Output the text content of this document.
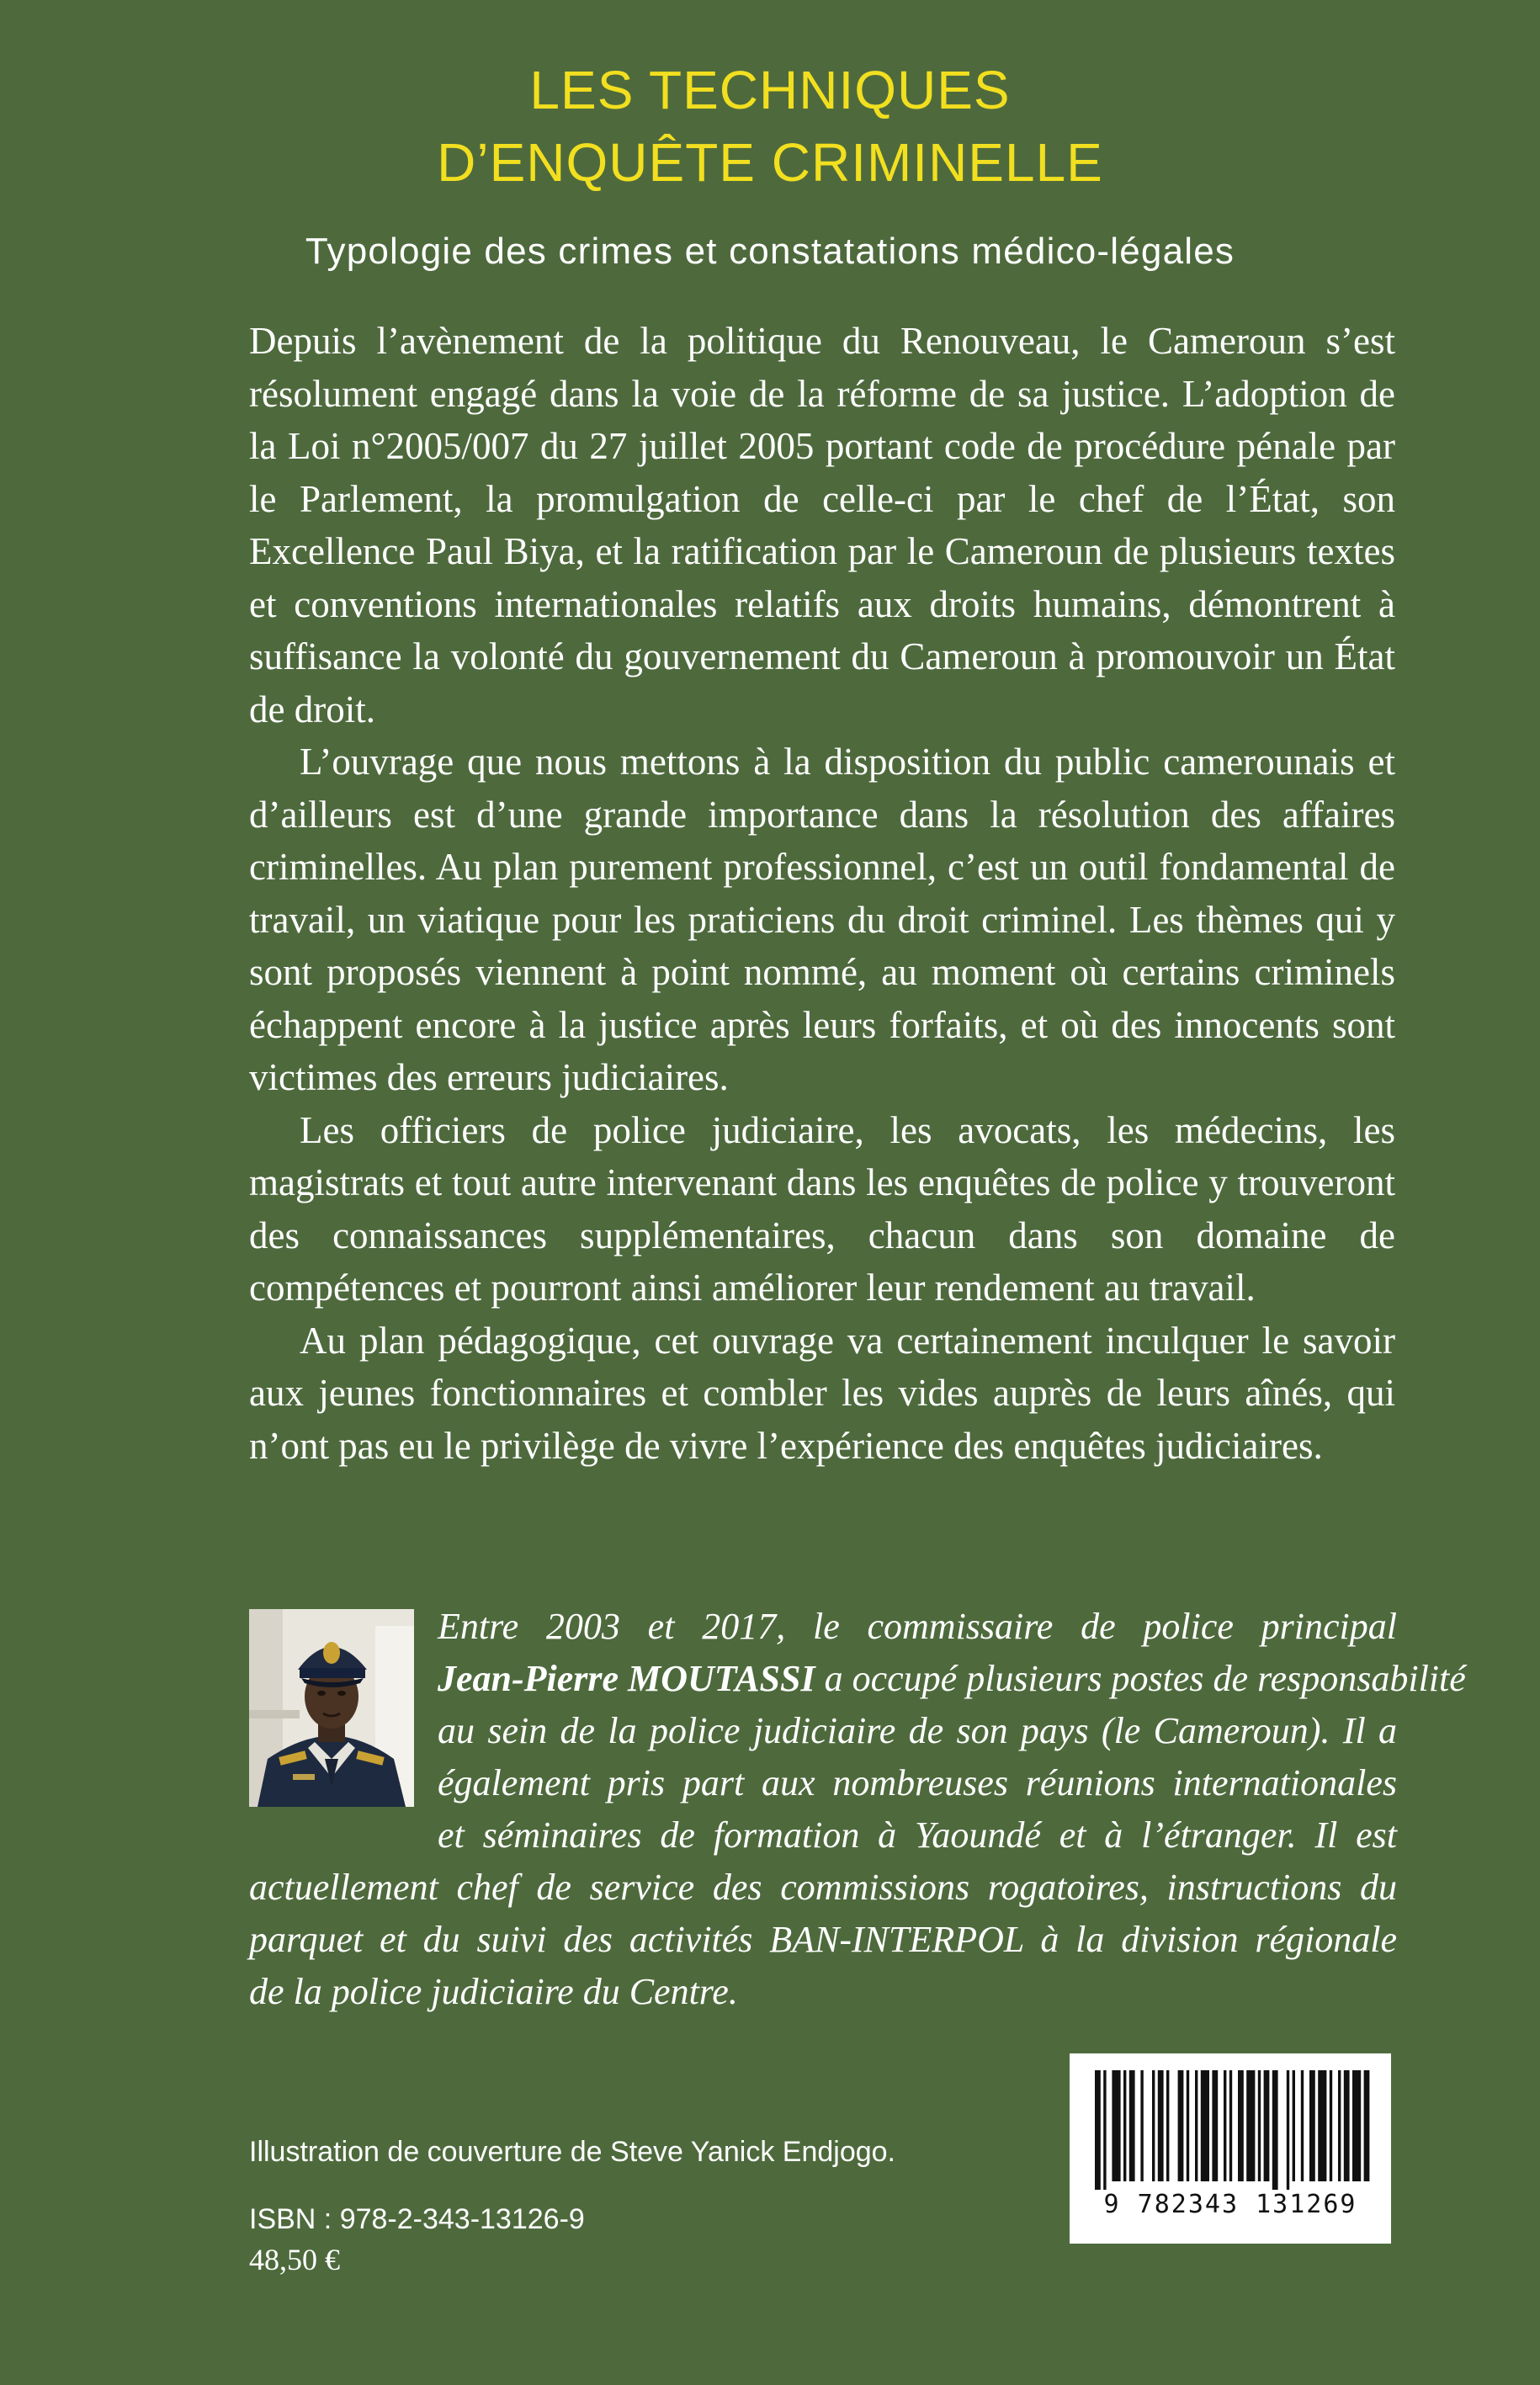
LES TECHNIQUES
D’ENQUÊTE CRIMINELLE
Typologie des crimes et constatations médico-légales

Depuis l’avènement de la politique du Renouveau, le Cameroun s’est résolument engagé dans la voie de la réforme de sa justice. L’adoption de la Loi n°2005/007 du 27 juillet 2005 portant code de procédure pénale par le Parlement, la promulgation de celle-ci par le chef de l’État, son Excellence Paul Biya, et la ratification par le Cameroun de plusieurs textes et conventions internationales relatifs aux droits humains, démontrent à suffisance la volonté du gouvernement du Cameroun à promouvoir un État de droit.

L’ouvrage que nous mettons à la disposition du public camerounais et d’ailleurs est d’une grande importance dans la résolution des affaires criminelles. Au plan purement professionnel, c’est un outil fondamental de travail, un viatique pour les praticiens du droit criminel. Les thèmes qui y sont proposés viennent à point nommé, au moment où certains criminels échappent encore à la justice après leurs forfaits, et où des innocents sont victimes des erreurs judiciaires.

Les officiers de police judiciaire, les avocats, les médecins, les magistrats et tout autre intervenant dans les enquêtes de police y trouveront des connaissances supplémentaires, chacun dans son domaine de compétences et pourront ainsi améliorer leur rendement au travail.

Au plan pédagogique, cet ouvrage va certainement inculquer le savoir aux jeunes fonctionnaires et combler les vides auprès de leurs aînés, qui n’ont pas eu le privilège de vivre l’expérience des enquêtes judiciaires.

Entre 2003 et 2017, le commissaire de police principal
Jean-Pierre MOUTASSI a occupé plusieurs postes de responsabilité
au sein de la police judiciaire de son pays (le Cameroun). Il a
également pris part aux nombreuses réunions internationales
et séminaires de formation à Yaoundé et à l’étranger. Il est
actuellement chef de service des commissions rogatoires, instructions du
parquet et du suivi des activités BAN-INTERPOL à la division régionale
de la police judiciaire du Centre.
Illustration de couverture de Steve Yanick Endjogo.
ISBN : 978-2-343-13126-9
48,50 €
9 782343 131269
